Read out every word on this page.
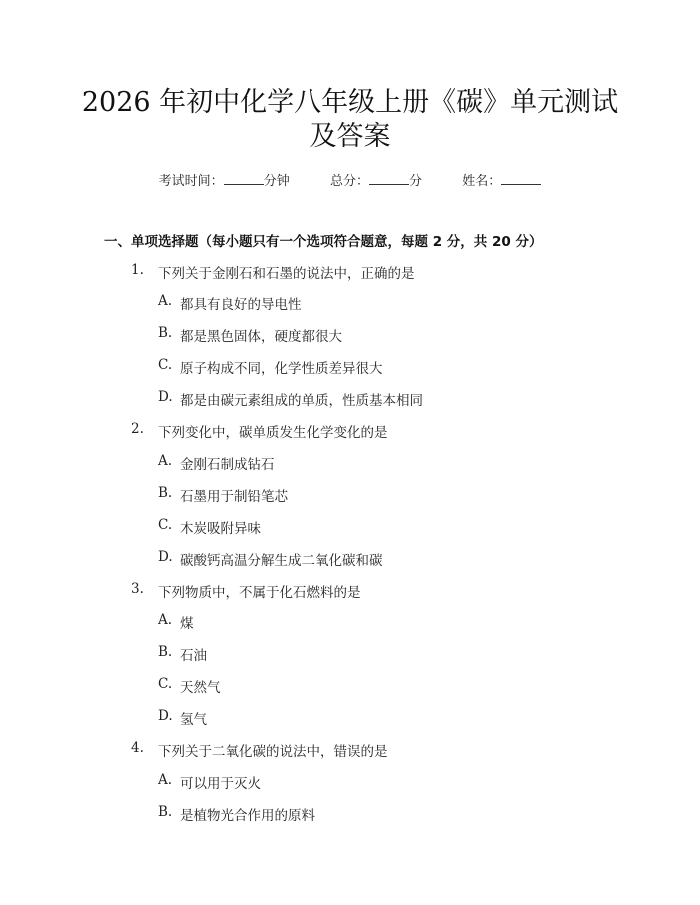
2026 年初中化学八年级上册《碳》单元测试
及答案
考试时间：	分钟	总分：	分	姓名：
一、单项选择题（每小题只有一个选项符合题意，每题 2 分，共 20 分）
1. 下列关于金刚石和石墨的说法中，正确的是
A. 都具有良好的导电性
B. 都是黑色固体，硬度都很大
C. 原子构成不同，化学性质差异很大
D. 都是由碳元素组成的单质，性质基本相同
2. 下列变化中，碳单质发生化学变化的是
A. 金刚石制成钻石
B. 石墨用于制铅笔芯
C. 木炭吸附异味
D. 碳酸钙高温分解生成二氧化碳和碳
3. 下列物质中，不属于化石燃料的是
A. 煤
B. 石油
C. 天然气
D. 氢气
4. 下列关于二氧化碳的说法中，错误的是
A. 可以用于灭火
B. 是植物光合作用的原料
